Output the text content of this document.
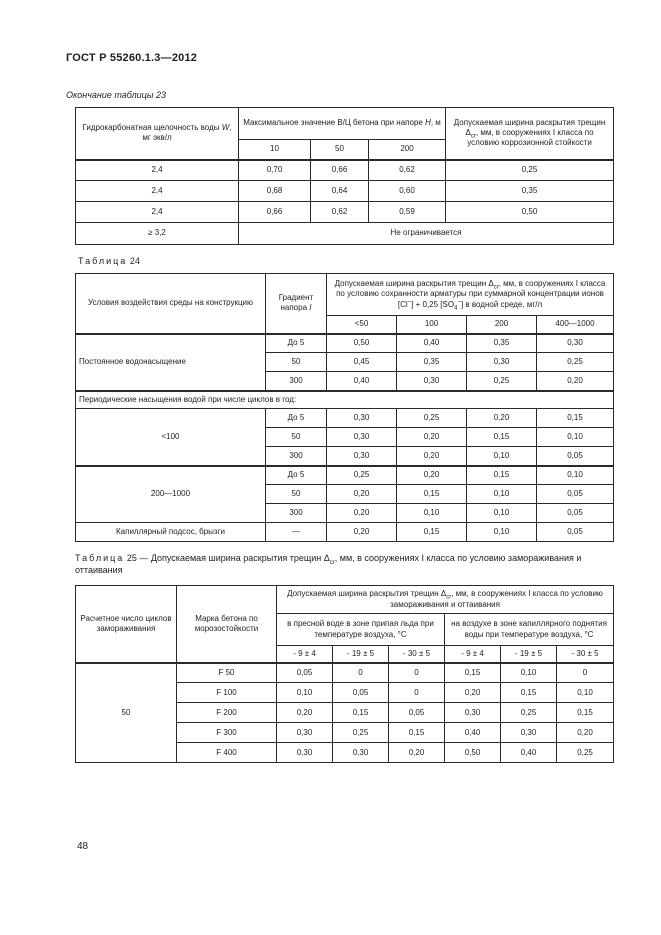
ГОСТ Р 55260.1.3—2012

Окончание таблицы 23

Гидрокарбонатная щелочность воды W, мг экв/л	Максимальное значение В/Ц бетона при напоре Н, м			Допускаемая ширина раскрытия трещин $\Delta_{cr}$, мм, в сооружениях I класса по условию коррозионной стойкости
	10	50	200	
2,4	0,70	0,66	0,62	0,25
2,4	0,68	0,64	0,60	0,35
2,4	0,66	0,62	0,59	0,50
≥ 3,2	Не ограничивается			

Таблица 24

Условия воздействия среды на конструкцию	Градиент напора I	Допускаемая ширина раскрытия трещин $\Delta_{cr}$, мм, в сооружениях I класса по условию сохранности арматуры при суммарной концентрации ионов [Cl−] + 0,25 $[SO_4^-]$ в водной среде, мг/л			
		<50	100	200	400—1000
Постоянное водонасыщение	До 5	0,50	0,40	0,35	0,30
	50	0,45	0,35	0,30	0,25
	300	0,40	0,30	0,25	0,20
Периодические насыщения водой при числе циклов в год:					
<100	До 5	0,30	0,25	0,20	0,15
	50	0,30	0,20	0,15	0,10
	300	0,30	0,20	0,10	0,05
200—1000	До 5	0,25	0,20	0,15	0,10
	50	0,20	0,15	0,10	0,05
	300	0,20	0,10	0,10	0,05
Капиллярный подсос, брызги	—	0,20	0,15	0,10	0,05

Таблица 25 — Допускаемая ширина раскрытия трещин $\Delta_{cr}$, мм, в сооружениях I класса по условию замораживания и оттаивания

Расчетное число циклов замораживания	Марка бетона по морозостойкости	Допускаемая ширина раскрытия трещин $\Delta_{cr}$, мм, в сооружениях I класса по условию замораживания и оттаивания					
		в пресной воде в зоне припая льда при температуре воздуха, °С			на воздухе в зоне капиллярного поднятия воды при температуре воздуха, °С		
		- 9 ± 4	- 19 ± 5	- 30 ± 5	- 9 ± 4	- 19 ± 5	- 30 ± 5
50	F 50	0,05	0	0	0,15	0,10	0
	F 100	0,10	0,05	0	0,20	0,15	0,10
	F 200	0,20	0,15	0,05	0,30	0,25	0,15
	F 300	0,30	0,25	0,15	0,40	0,30	0,20
	F 400	0,30	0,30	0,20	0,50	0,40	0,25
48
